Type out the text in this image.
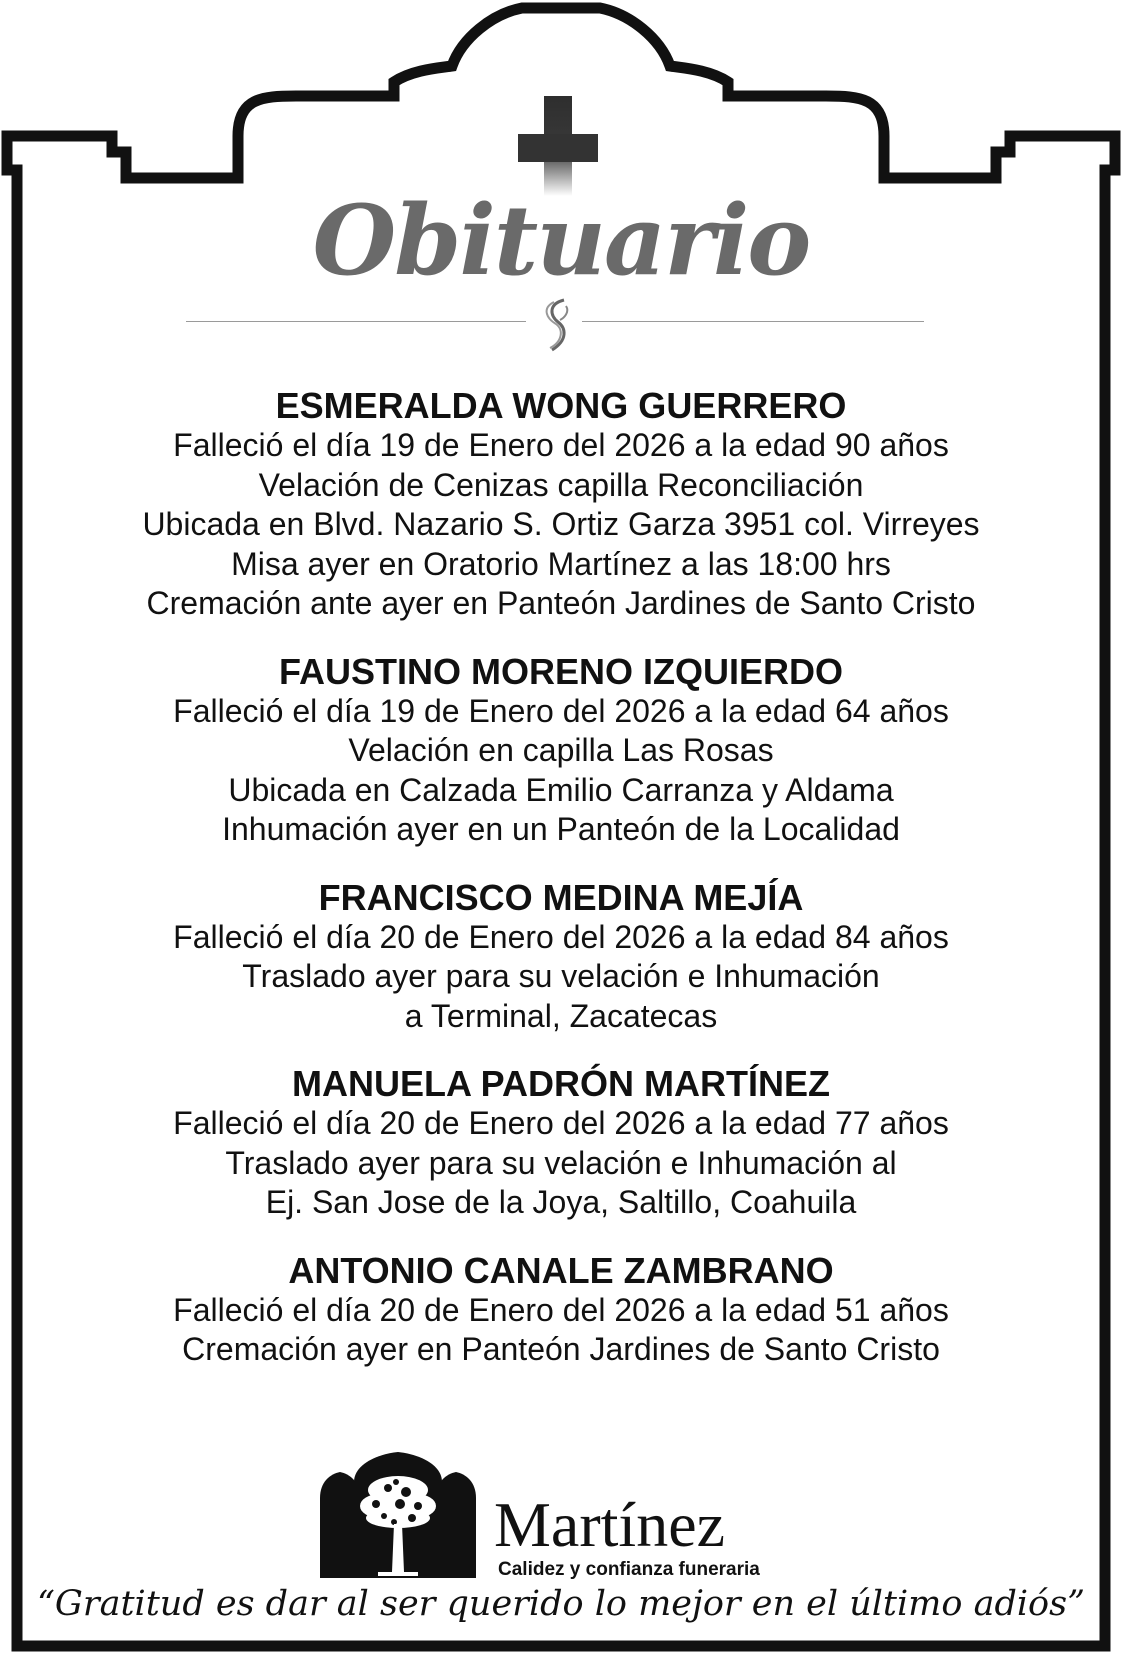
Obituario
ESMERALDA WONG GUERRERO
Falleció el día 19 de Enero del 2026 a la edad 90 años
Velación de Cenizas capilla Reconciliación
Ubicada en Blvd. Nazario S. Ortiz Garza 3951 col. Virreyes
Misa ayer en Oratorio Martínez a las 18:00 hrs
Cremación ante ayer en Panteón Jardines de Santo Cristo
FAUSTINO MORENO IZQUIERDO
Falleció el día 19 de Enero del 2026 a la edad 64 años
Velación en capilla Las Rosas
Ubicada en Calzada Emilio Carranza y Aldama
Inhumación ayer en un Panteón de la Localidad
FRANCISCO MEDINA MEJÍA
Falleció el día 20 de Enero del 2026 a la edad 84 años
Traslado ayer para su velación e Inhumación
a Terminal, Zacatecas
MANUELA PADRÓN MARTÍNEZ
Falleció el día 20 de Enero del 2026 a la edad 77 años
Traslado ayer para su velación e Inhumación al
Ej. San Jose de la Joya, Saltillo, Coahuila
ANTONIO CANALE ZAMBRANO
Falleció el día 20 de Enero del 2026 a la edad 51 años
Cremación ayer en Panteón Jardines de Santo Cristo
Martínez
Calidez y confianza funeraria
“Gratitud es dar al ser querido lo mejor en el último adiós”
